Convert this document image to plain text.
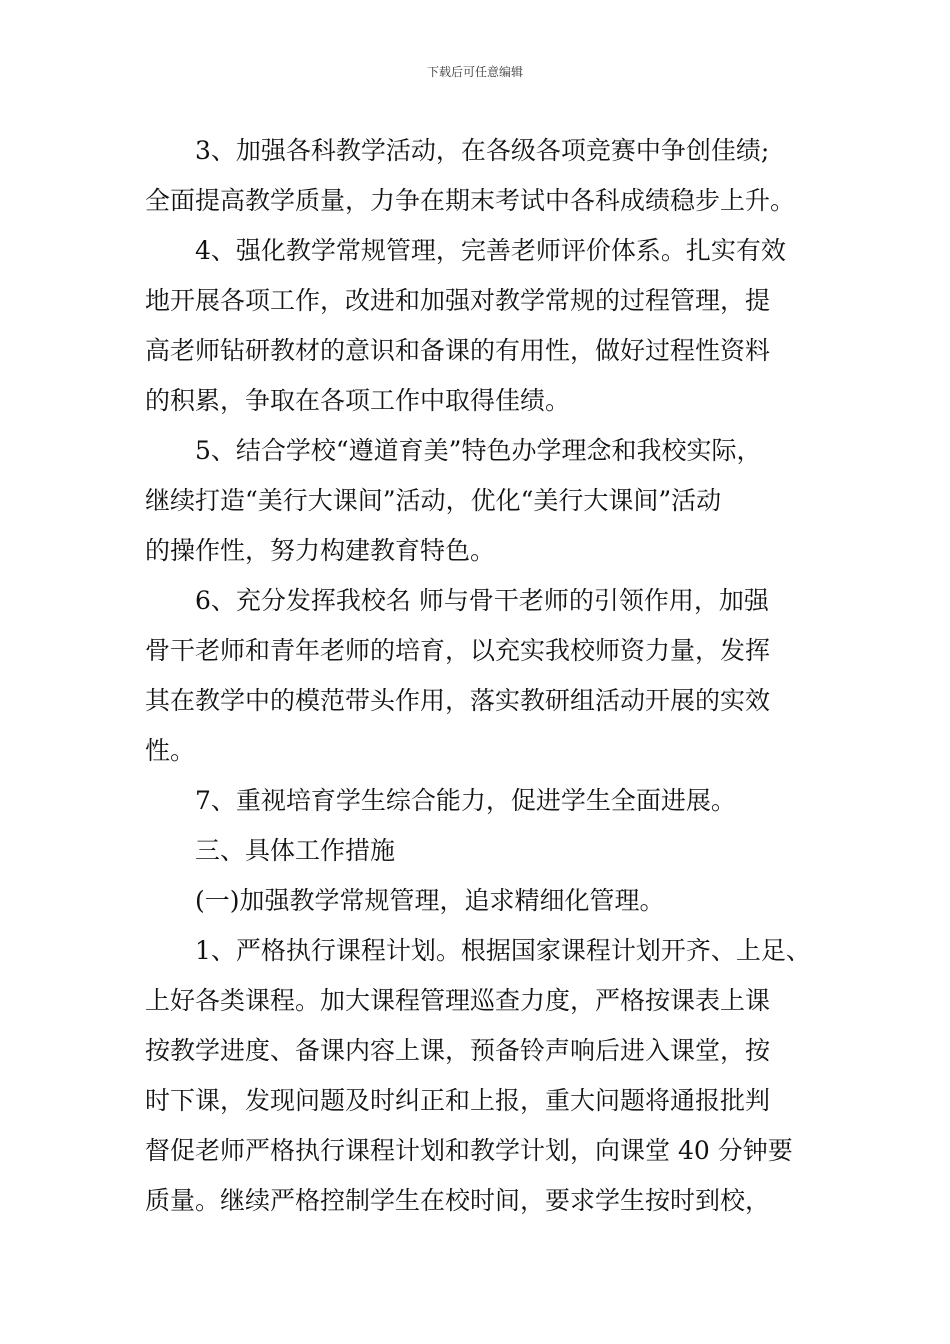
下载后可任意编辑
3、加强各科教学活动，在各级各项竞赛中争创佳绩;
全面提高教学质量，力争在期末考试中各科成绩稳步上升。
4、强化教学常规管理，完善老师评价体系。扎实有效
地开展各项工作，改进和加强对教学常规的过程管理，提
高老师钻研教材的意识和备课的有用性，做好过程性资料
的积累，争取在各项工作中取得佳绩。
5、结合学校“遵道育美”特色办学理念和我校实际，
继续打造“美行大课间”活动，优化“美行大课间”活动
的操作性，努力构建教育特色。
6、充分发挥我校名 师与骨干老师的引领作用，加强
骨干老师和青年老师的培育，以充实我校师资力量，发挥
其在教学中的模范带头作用，落实教研组活动开展的实效
性。
7、重视培育学生综合能力，促进学生全面进展。
三、具体工作措施
(一)加强教学常规管理，追求精细化管理。
1、严格执行课程计划。根据国家课程计划开齐、上足、
上好各类课程。加大课程管理巡查力度，严格按课表上课
按教学进度、备课内容上课，预备铃声响后进入课堂，按
时下课，发现问题及时纠正和上报，重大问题将通报批判
督促老师严格执行课程计划和教学计划，向课堂 40 分钟要
质量。继续严格控制学生在校时间，要求学生按时到校，
